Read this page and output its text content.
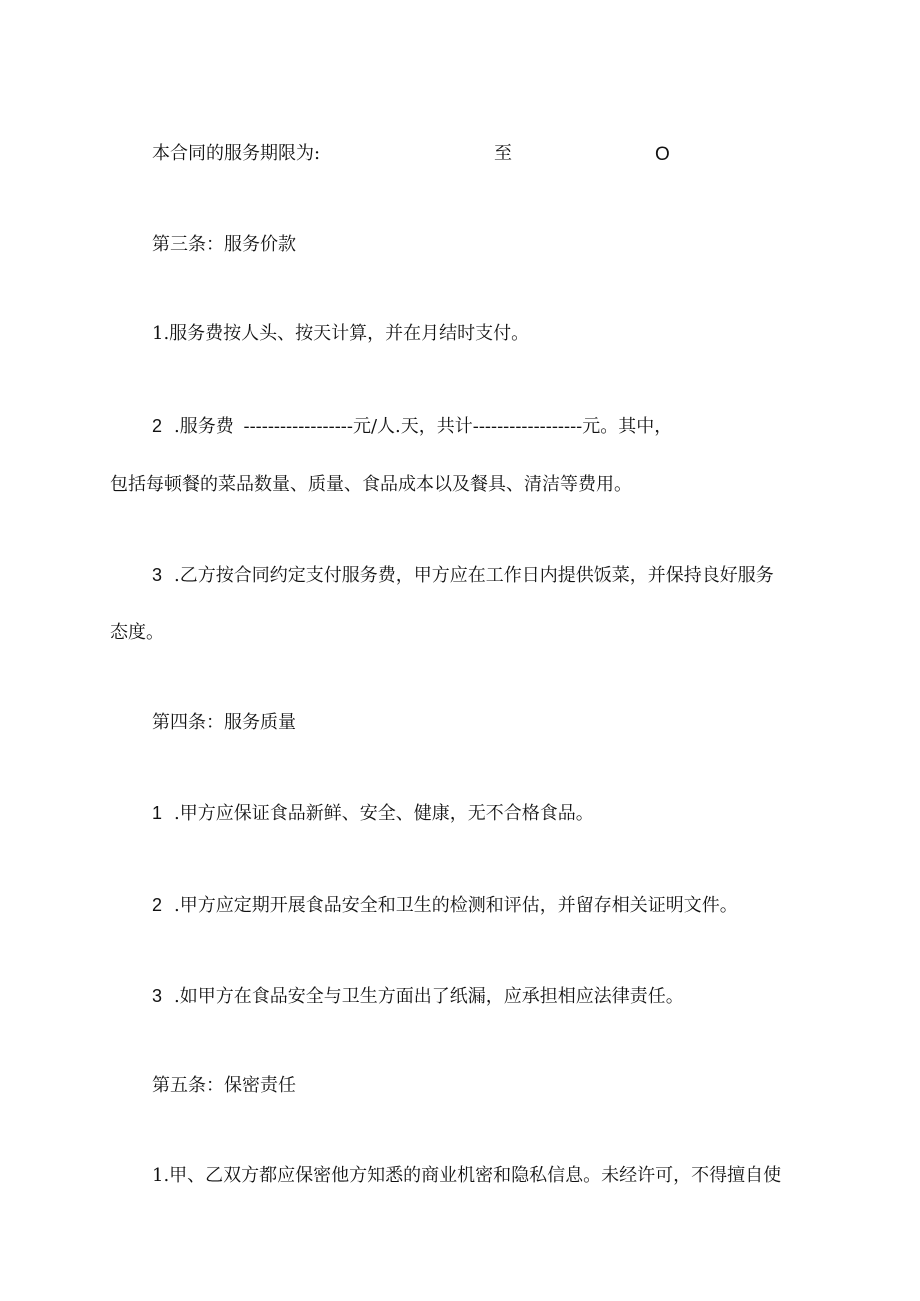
本合同的服务期限为:	至	O
第三条：服务价款
1.服务费按人头、按天计算，并在月结时支付。
2 .服务费 ------------------元/人.天，共计------------------元。其中，
包括每顿餐的菜品数量、质量、食品成本以及餐具、清洁等费用。
3 .乙方按合同约定支付服务费，甲方应在工作日内提供饭菜，并保持良好服务
态度。
第四条：服务质量
1 .甲方应保证食品新鲜、安全、健康，无不合格食品。
2 .甲方应定期开展食品安全和卫生的检测和评估，并留存相关证明文件。
3 .如甲方在食品安全与卫生方面出了纸漏，应承担相应法律责任。
第五条：保密责任
1.甲、乙双方都应保密他方知悉的商业机密和隐私信息。未经许可，不得擅自使
